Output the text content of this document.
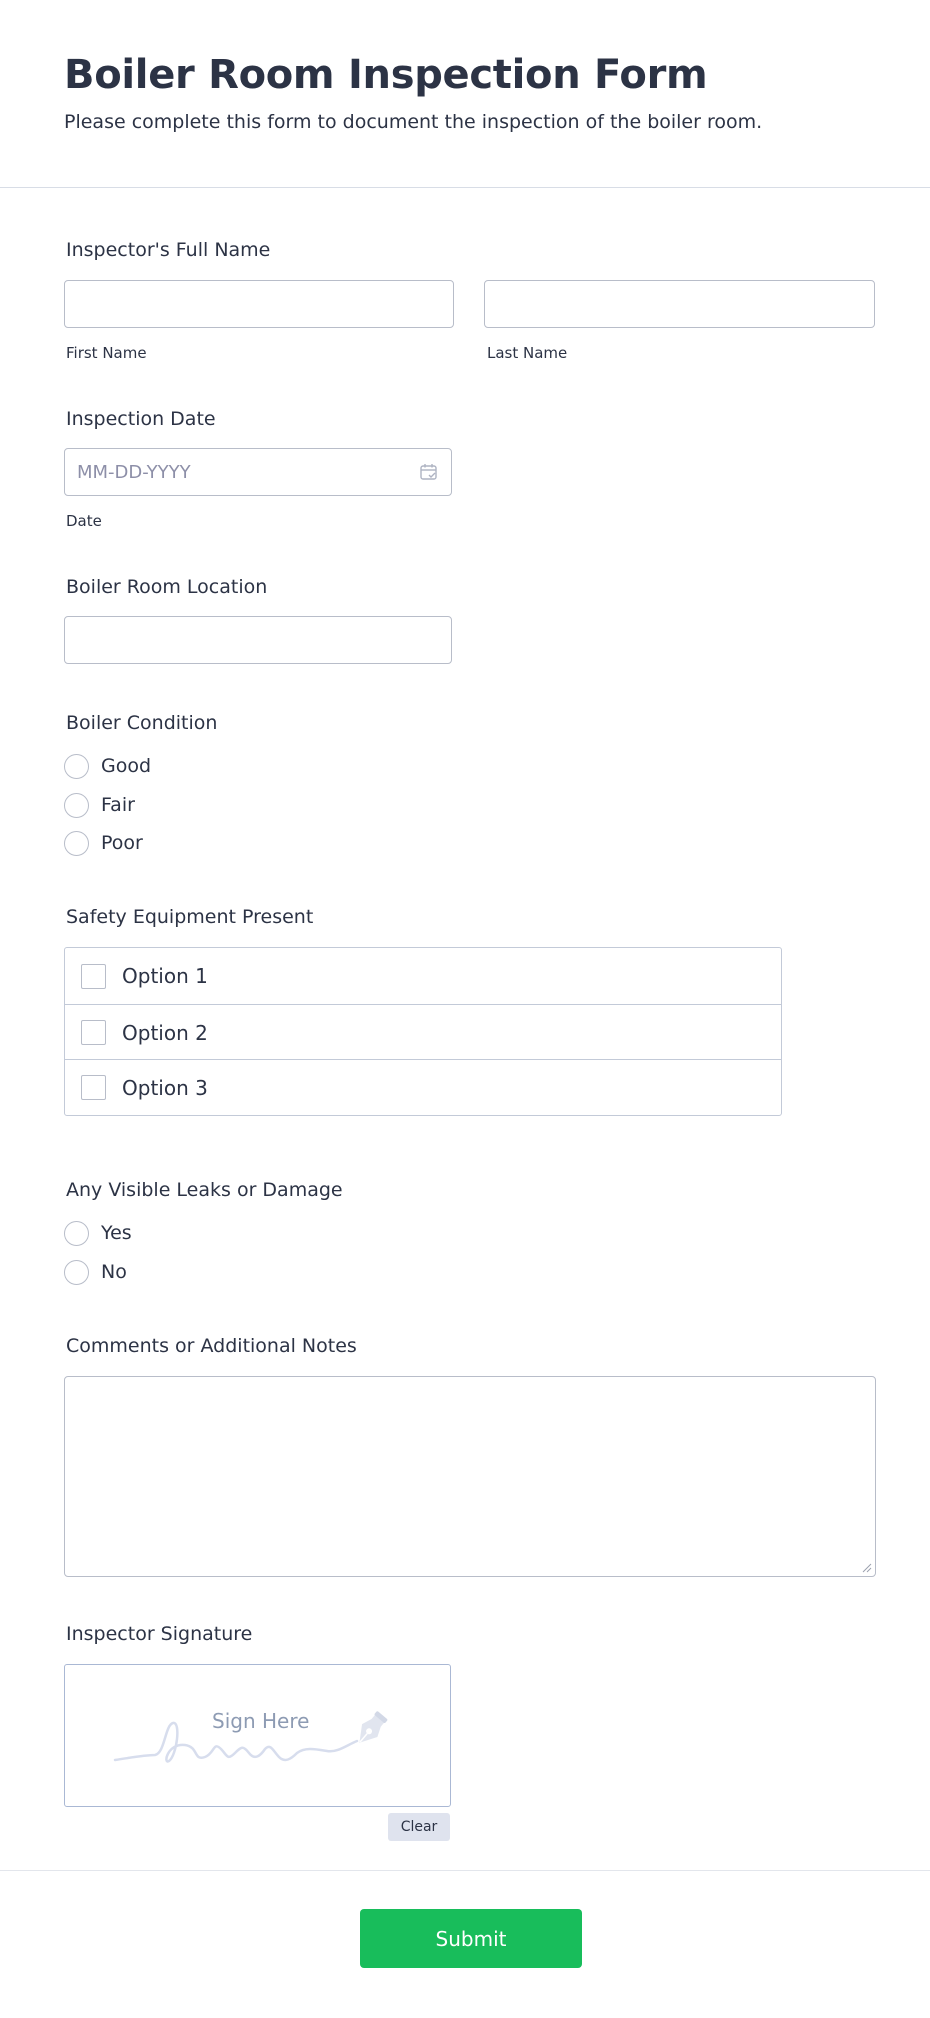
Boiler Room Inspection Form
Please complete this form to document the inspection of the boiler room.
Inspector's Full Name
First Name	Last Name
Inspection Date
MM-DD-YYYY
Date
Boiler Room Location
Boiler Condition
Good
Fair
Poor
Safety Equipment Present
Option 1
Option 2
Option 3
Any Visible Leaks or Damage
Yes
No
Comments or Additional Notes
Inspector Signature
Sign Here
Clear
Submit
